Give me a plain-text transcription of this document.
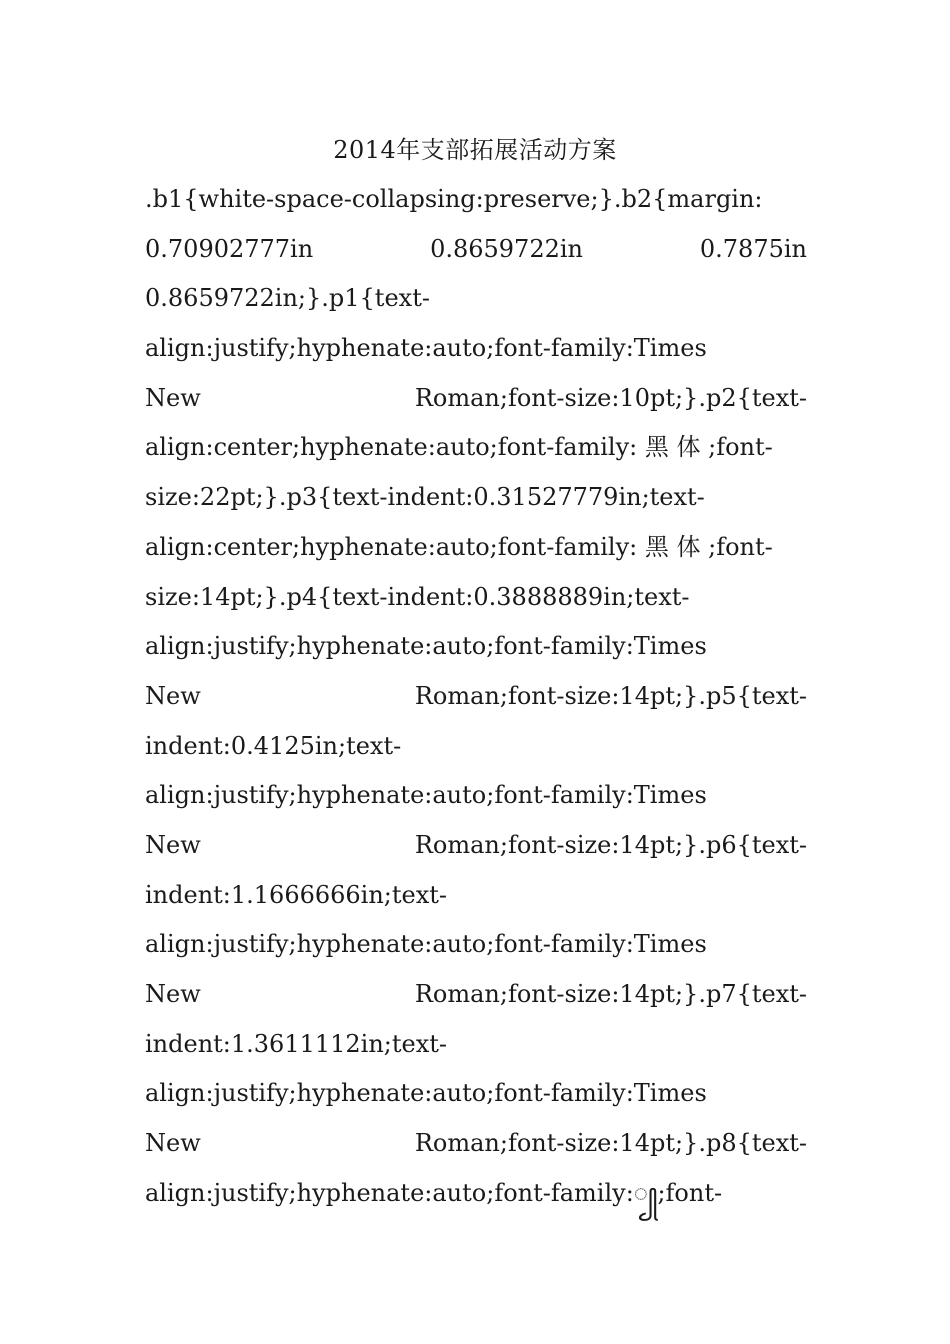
2014年支部拓展活动方案
.b1{white-space-collapsing:preserve;}.b2{margin:
0.70902777in	0.8659722in	0.7875in
0.8659722in;}.p1{text-
align:justify;hyphenate:auto;font-family:Times
New	Roman;font-size:10pt;}.p2{text-
align:center;hyphenate:auto;font-family: 黑 体 ;font-
size:22pt;}.p3{text-indent:0.31527779in;text-
align:center;hyphenate:auto;font-family: 黑 体 ;font-
size:14pt;}.p4{text-indent:0.3888889in;text-
align:justify;hyphenate:auto;font-family:Times
New	Roman;font-size:14pt;}.p5{text-
indent:0.4125in;text-
align:justify;hyphenate:auto;font-family:Times
New	Roman;font-size:14pt;}.p6{text-
indent:1.1666666in;text-
align:justify;hyphenate:auto;font-family:Times
New	Roman;font-size:14pt;}.p7{text-
indent:1.3611112in;text-
align:justify;hyphenate:auto;font-family:Times
New	Roman;font-size:14pt;}.p8{text-
align:justify;hyphenate:auto;font-family:꧀;font-
